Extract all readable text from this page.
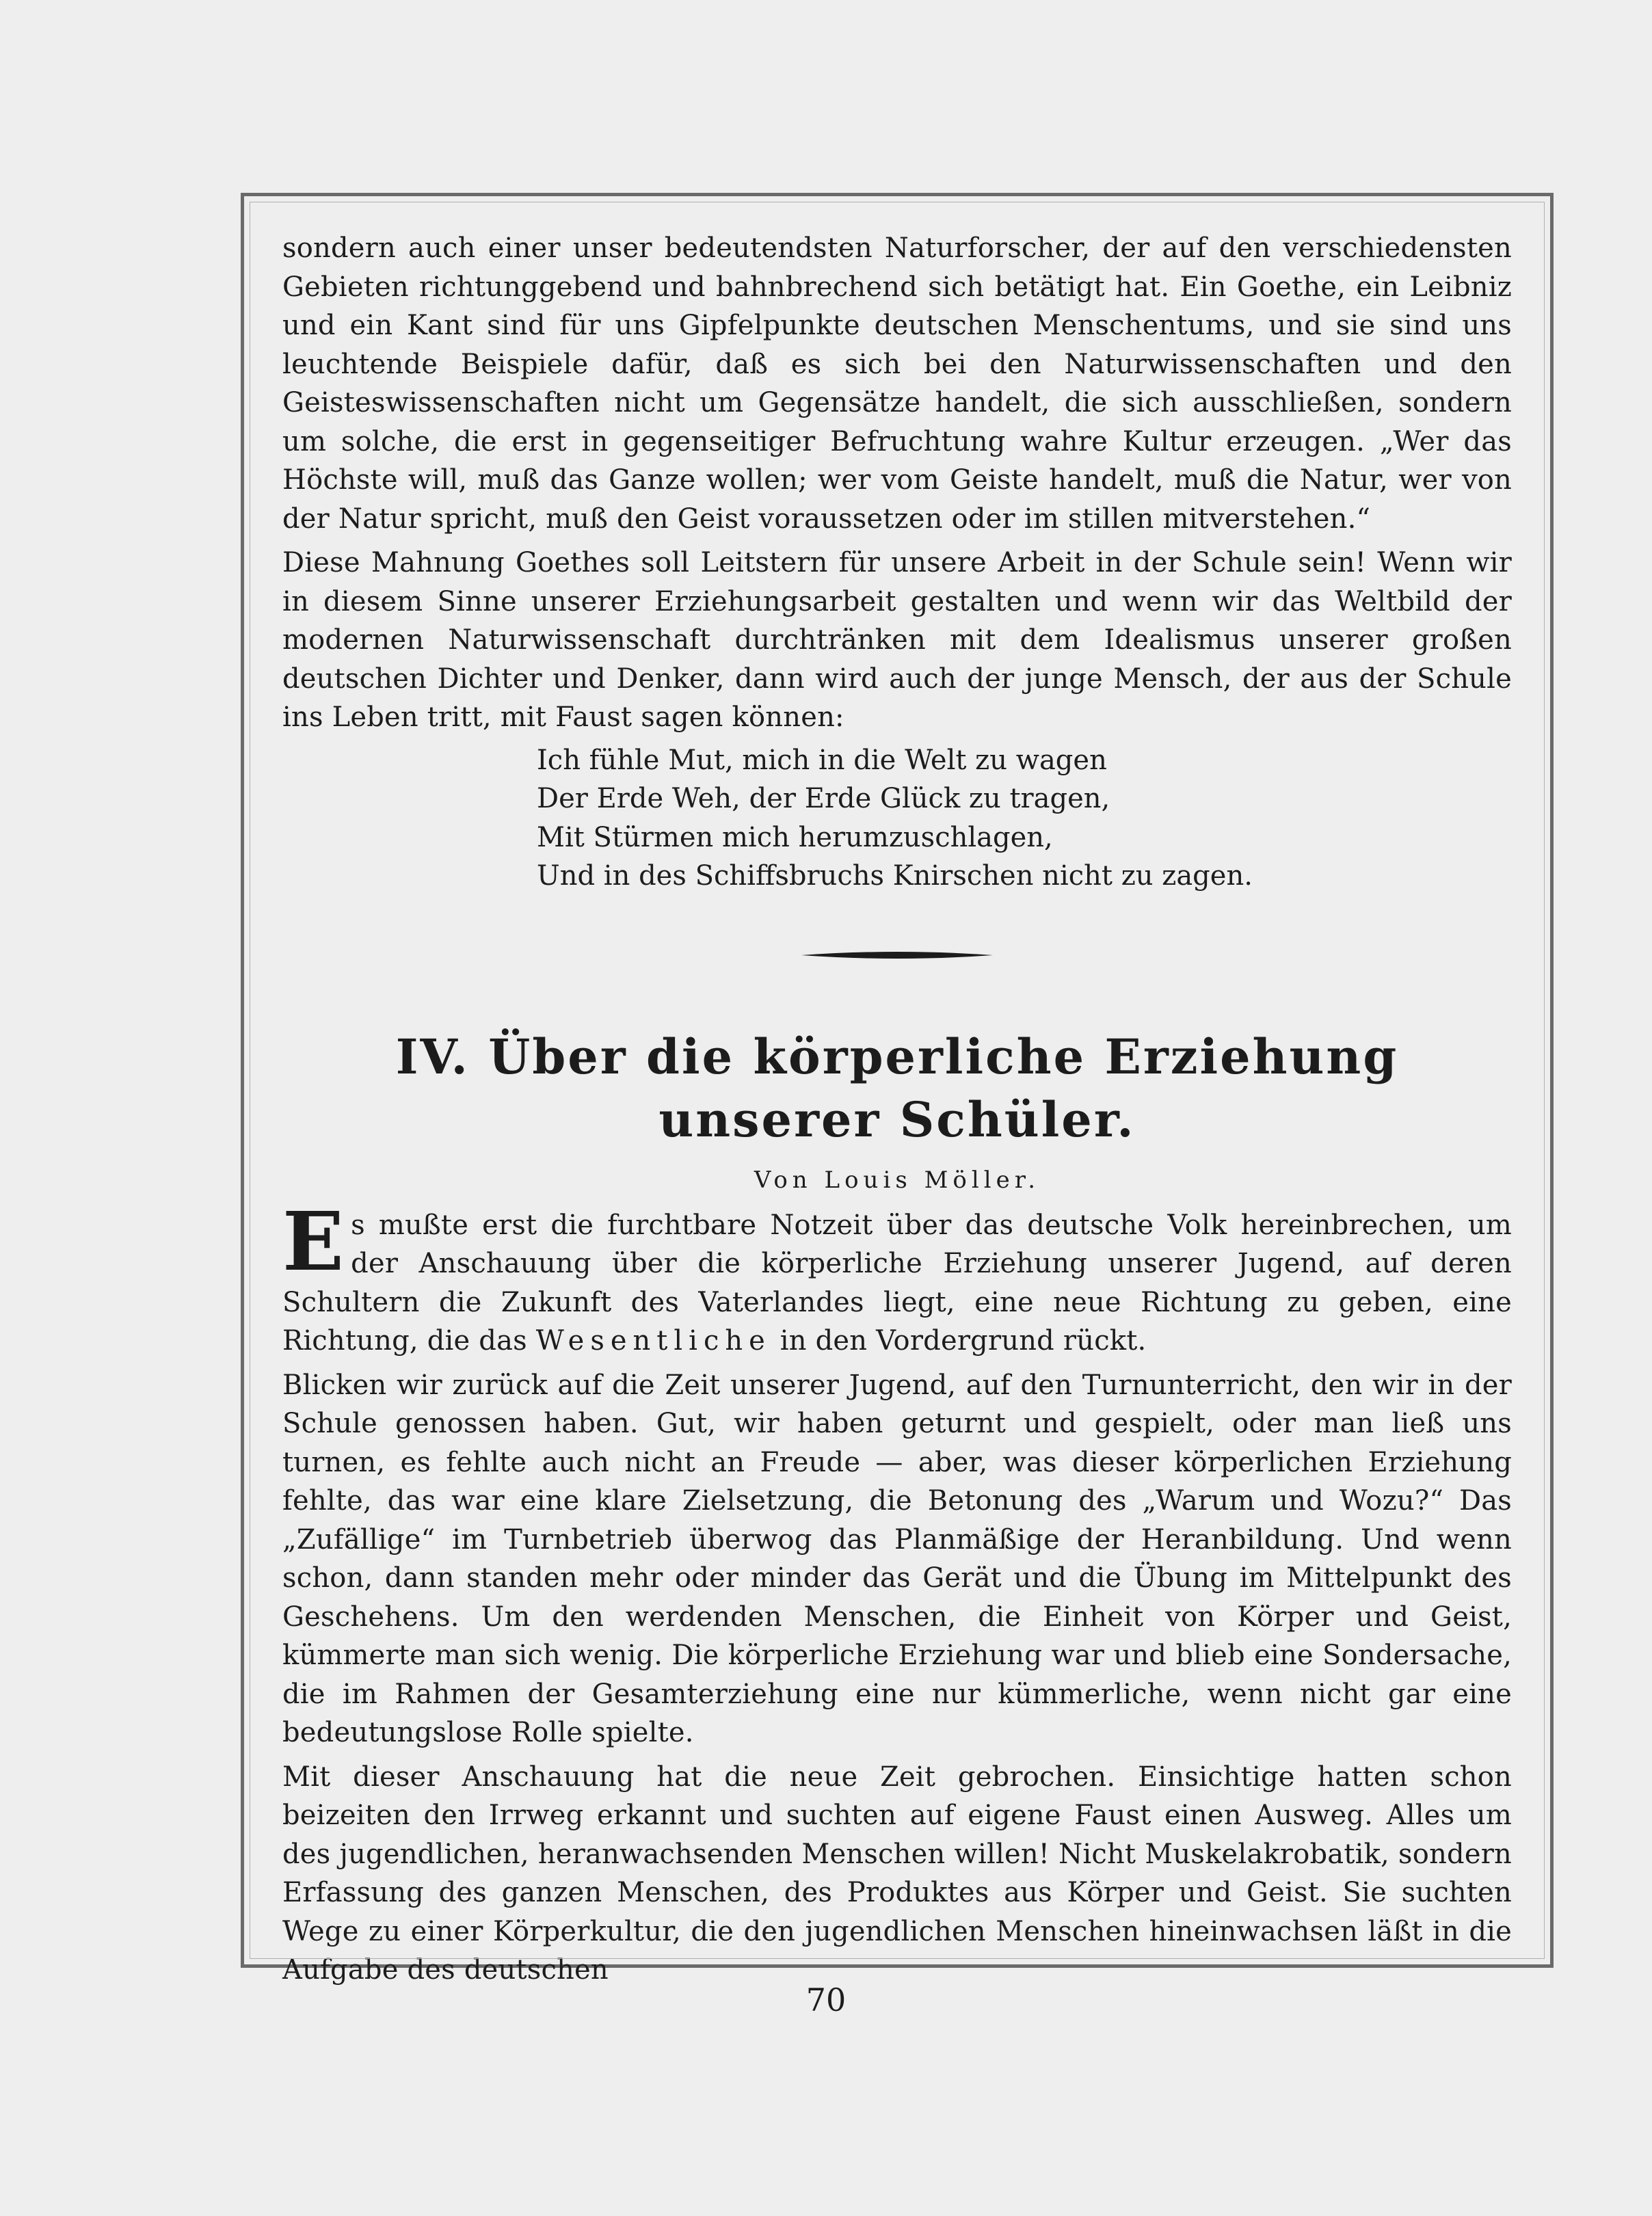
sondern auch einer unser bedeutendsten Naturforscher, der auf den verschiedensten Gebieten richtunggebend und bahnbrechend sich betätigt hat. Ein Goethe, ein Leibniz und ein Kant sind für uns Gipfelpunkte deutschen Menschentums, und sie sind uns leuchtende Beispiele dafür, daß es sich bei den Naturwissenschaften und den Geisteswissenschaften nicht um Gegensätze handelt, die sich ausschließen, sondern um solche, die erst in gegenseitiger Befruchtung wahre Kultur erzeugen. „Wer das Höchste will, muß das Ganze wollen; wer vom Geiste handelt, muß die Natur, wer von der Natur spricht, muß den Geist voraussetzen oder im stillen mitverstehen.“

Diese Mahnung Goethes soll Leitstern für unsere Arbeit in der Schule sein! Wenn wir in diesem Sinne unserer Erziehungsarbeit gestalten und wenn wir das Weltbild der modernen Naturwissenschaft durchtränken mit dem Idealismus unserer großen deutschen Dichter und Denker, dann wird auch der junge Mensch, der aus der Schule ins Leben tritt, mit Faust sagen können:

Ich fühle Mut, mich in die Welt zu wagen
Der Erde Weh, der Erde Glück zu tragen,
Mit Stürmen mich herumzuschlagen,
Und in des Schiffsbruchs Knirschen nicht zu zagen.
IV. Über die körperliche Erziehung
unserer Schüler.
Von Louis Möller.

Es mußte erst die furchtbare Notzeit über das deutsche Volk hereinbrechen, um der Anschauung über die körperliche Erziehung unserer Jugend, auf deren Schultern die Zukunft des Vaterlandes liegt, eine neue Richtung zu geben, eine Richtung, die das Wesentliche in den Vordergrund rückt.

Blicken wir zurück auf die Zeit unserer Jugend, auf den Turnunterricht, den wir in der Schule genossen haben. Gut, wir haben geturnt und gespielt, oder man ließ uns turnen, es fehlte auch nicht an Freude — aber, was dieser körperlichen Erziehung fehlte, das war eine klare Zielsetzung, die Betonung des „Warum und Wozu?“ Das „Zufällige“ im Turnbetrieb überwog das Planmäßige der Heranbildung. Und wenn schon, dann standen mehr oder minder das Gerät und die Übung im Mittelpunkt des Geschehens. Um den werdenden Menschen, die Einheit von Körper und Geist, kümmerte man sich wenig. Die körperliche Erziehung war und blieb eine Sondersache, die im Rahmen der Gesamterziehung eine nur kümmerliche, wenn nicht gar eine bedeutungslose Rolle spielte.

Mit dieser Anschauung hat die neue Zeit gebrochen. Einsichtige hatten schon beizeiten den Irrweg erkannt und suchten auf eigene Faust einen Ausweg. Alles um des jugendlichen, heranwachsenden Menschen willen! Nicht Muskelakrobatik, sondern Erfassung des ganzen Menschen, des Produktes aus Körper und Geist. Sie suchten Wege zu einer Körperkultur, die den jugendlichen Menschen hineinwachsen läßt in die Aufgabe des deutschen

70
